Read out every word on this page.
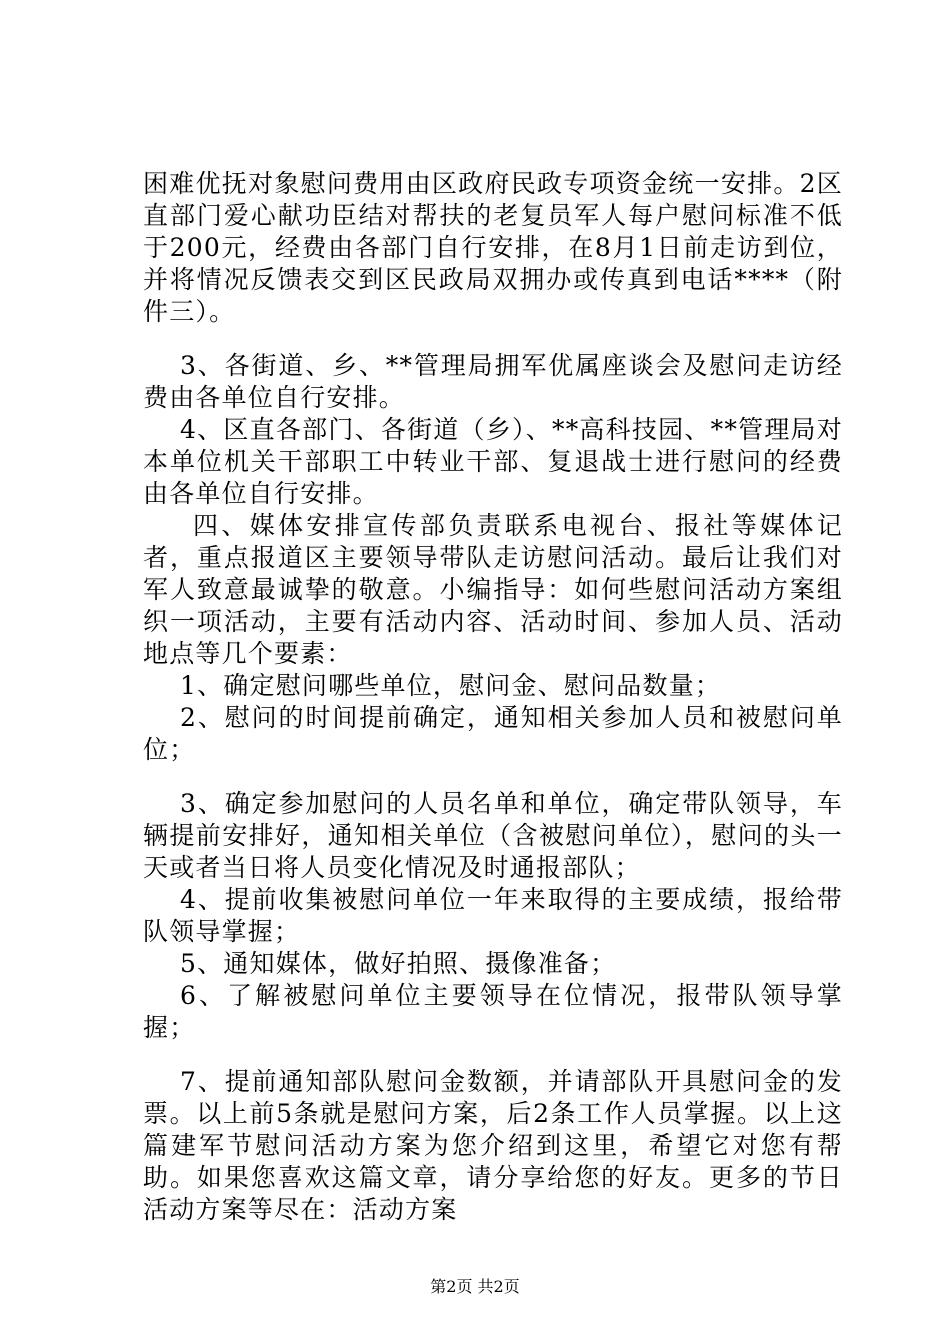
困难优抚对象慰问费用由区政府民政专项资金统一安排。2区直部门爱心献功臣结对帮扶的老复员军人每户慰问标准不低于200元，经费由各部门自行安排，在8月1日前走访到位，并将情况反馈表交到区民政局双拥办或传真到电话****（附件三）。

3、各街道、乡、**管理局拥军优属座谈会及慰问走访经费由各单位自行安排。

4、区直各部门、各街道（乡）、**高科技园、**管理局对本单位机关干部职工中转业干部、复退战士进行慰问的经费由各单位自行安排。

四、媒体安排宣传部负责联系电视台、报社等媒体记者，重点报道区主要领导带队走访慰问活动。最后让我们对军人致意最诚挚的敬意。小编指导：如何些慰问活动方案组织一项活动，主要有活动内容、活动时间、参加人员、活动地点等几个要素：

1、确定慰问哪些单位，慰问金、慰问品数量；

2、慰问的时间提前确定，通知相关参加人员和被慰问单位；

3、确定参加慰问的人员名单和单位，确定带队领导，车辆提前安排好，通知相关单位（含被慰问单位），慰问的头一天或者当日将人员变化情况及时通报部队；

4、提前收集被慰问单位一年来取得的主要成绩，报给带队领导掌握；

5、通知媒体，做好拍照、摄像准备；

6、了解被慰问单位主要领导在位情况，报带队领导掌握；

7、提前通知部队慰问金数额，并请部队开具慰问金的发票。以上前5条就是慰问方案，后2条工作人员掌握。以上这篇建军节慰问活动方案为您介绍到这里，希望它对您有帮助。如果您喜欢这篇文章，请分享给您的好友。更多的节日活动方案等尽在：活动方案

第2页 共2页
